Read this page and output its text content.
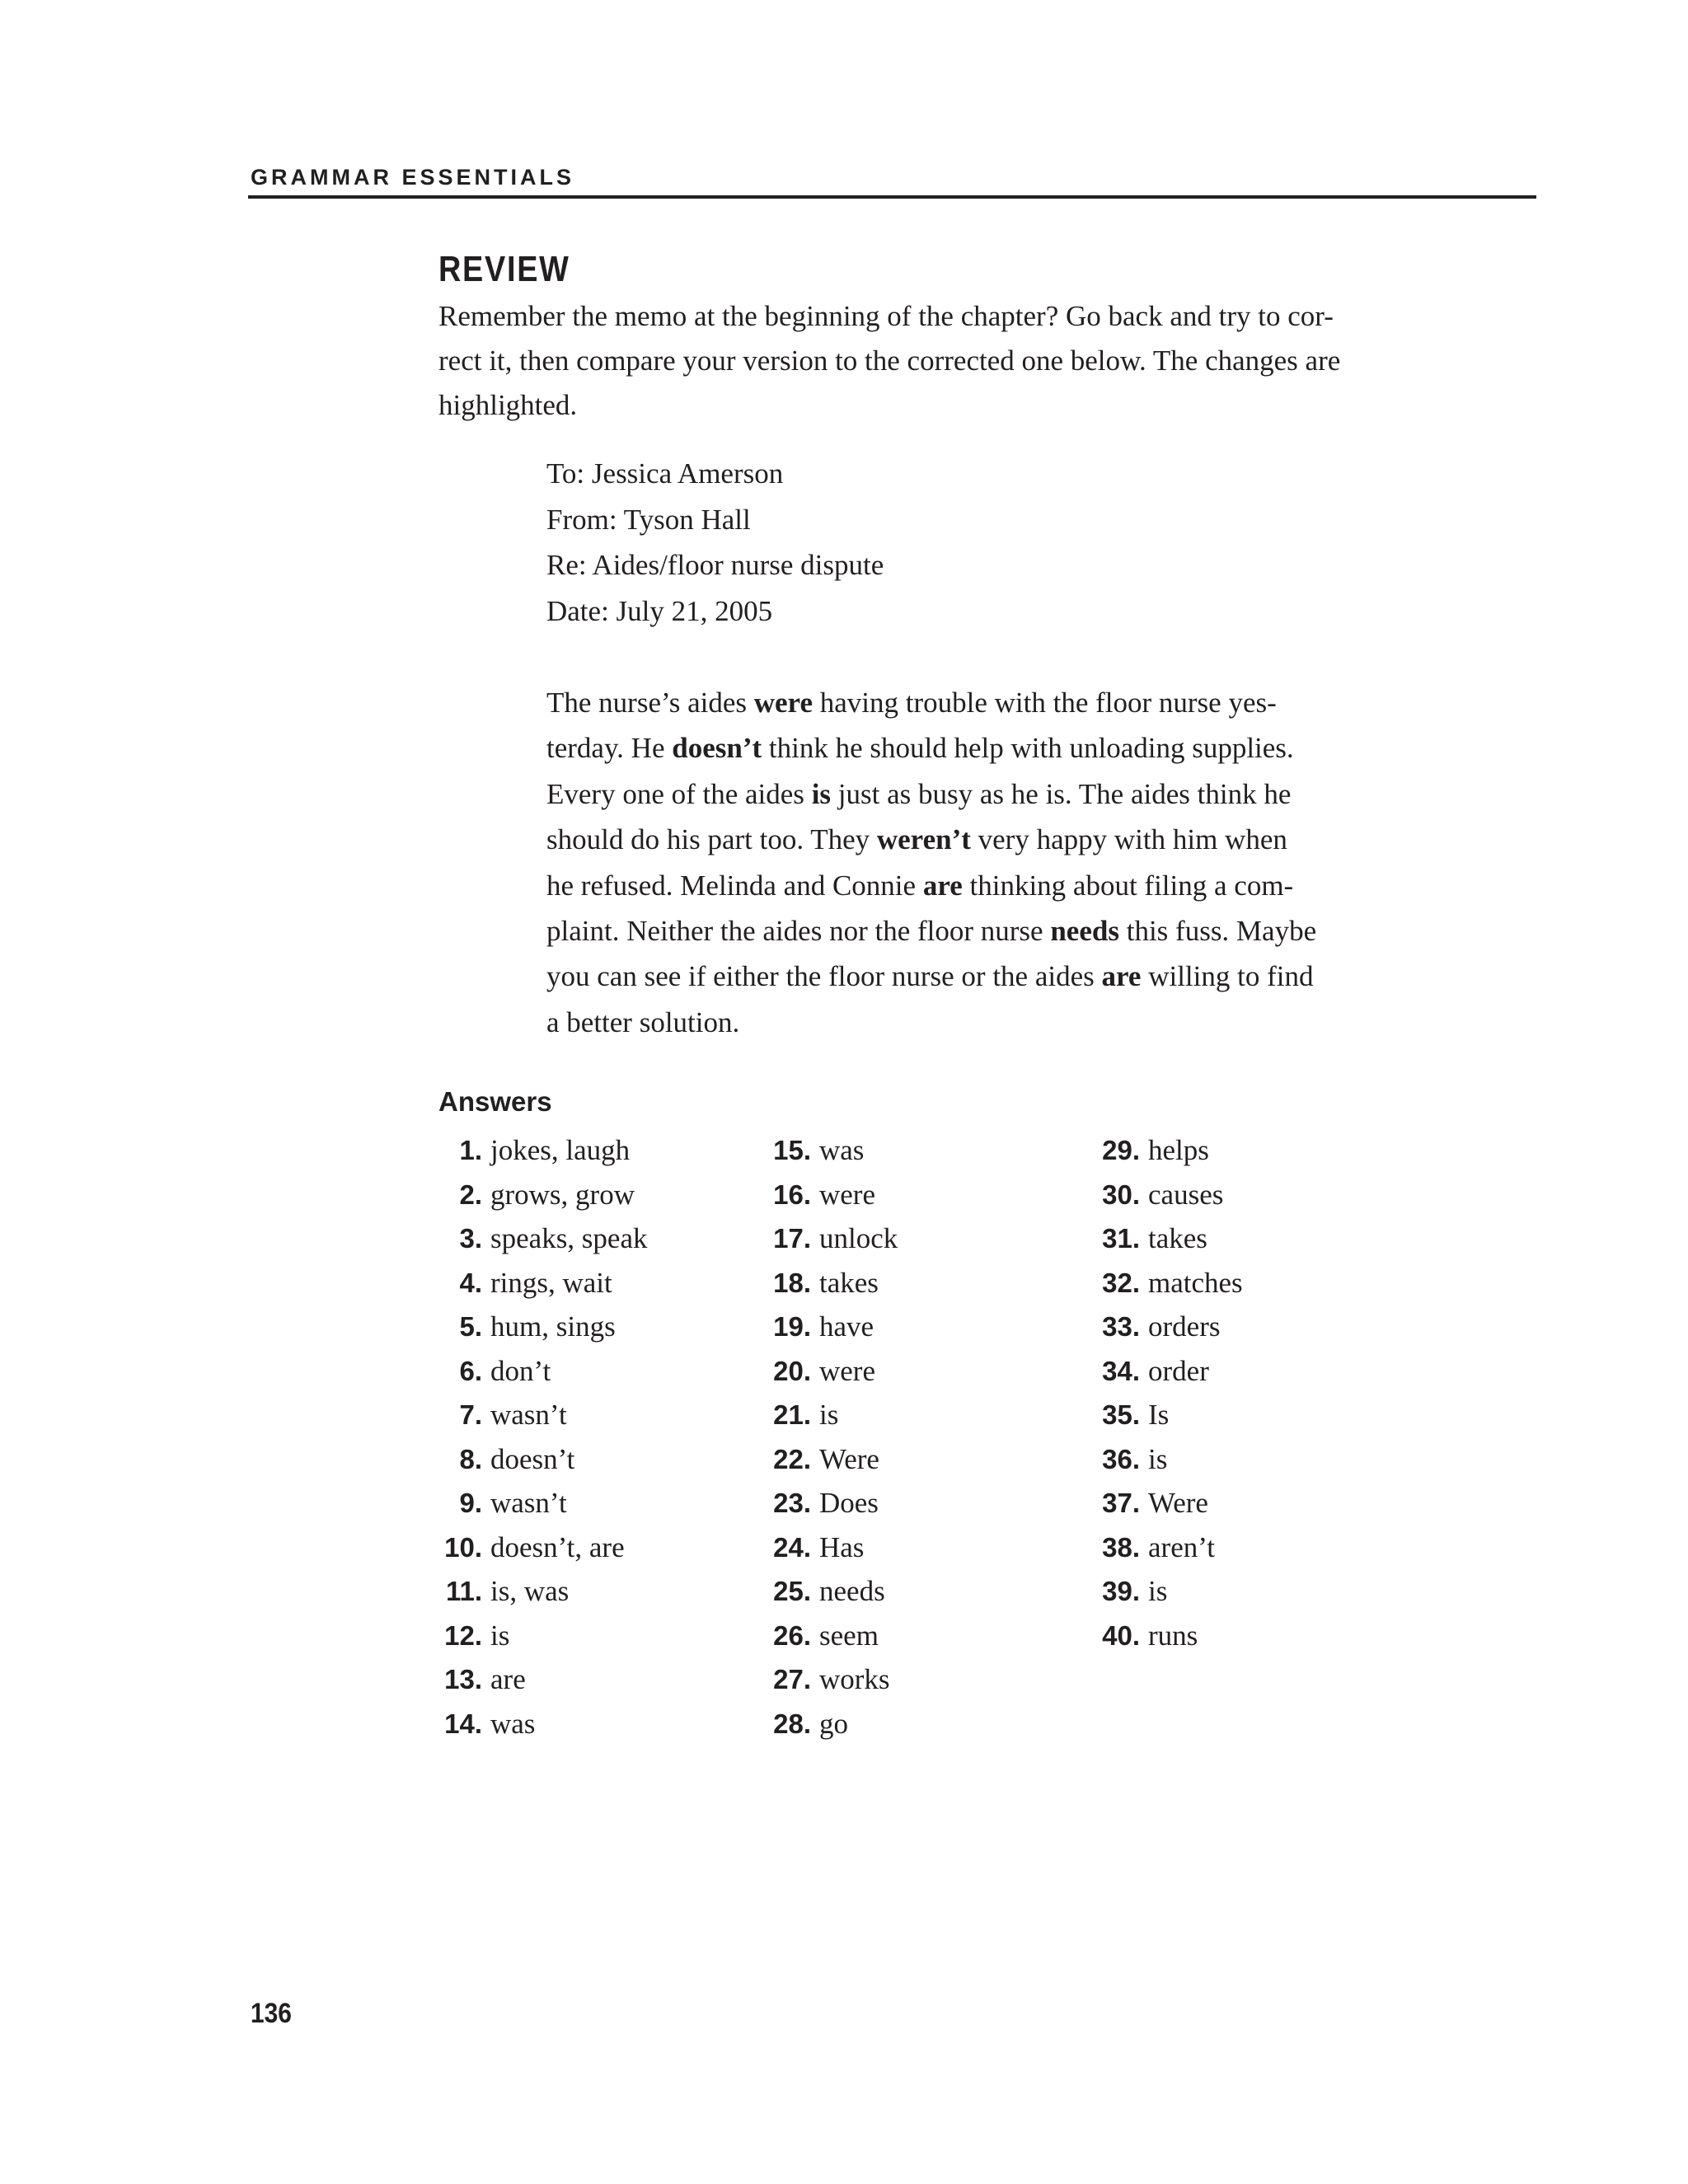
GRAMMAR ESSENTIALS
REVIEW

Remember the memo at the beginning of the chapter? Go back and try to cor-

rect it, then compare your version to the corrected one below. The changes are

highlighted.

To: Jessica Amerson
From: Tyson Hall
Re: Aides/floor nurse dispute
Date: July 21, 2005
The nurse’s aides were having trouble with the floor nurse yes-
terday. He doesn’t think he should help with unloading supplies.
Every one of the aides is just as busy as he is. The aides think he
should do his part too. They weren’t very happy with him when
he refused. Melinda and Connie are thinking about filing a com-
plaint. Neither the aides nor the floor nurse needs this fuss. Maybe
you can see if either the floor nurse or the aides are willing to find
a better solution.
Answers
1. jokes, laugh
2. grows, grow
3. speaks, speak
4. rings, wait
5. hum, sings
6. don’t
7. wasn’t
8. doesn’t
9. wasn’t
10. doesn’t, are
11. is, was
12. is
13. are
14. was
15. was
16. were
17. unlock
18. takes
19. have
20. were
21. is
22. Were
23. Does
24. Has
25. needs
26. seem
27. works
28. go
29. helps
30. causes
31. takes
32. matches
33. orders
34. order
35. Is
36. is
37. Were
38. aren’t
39. is
40. runs
136
